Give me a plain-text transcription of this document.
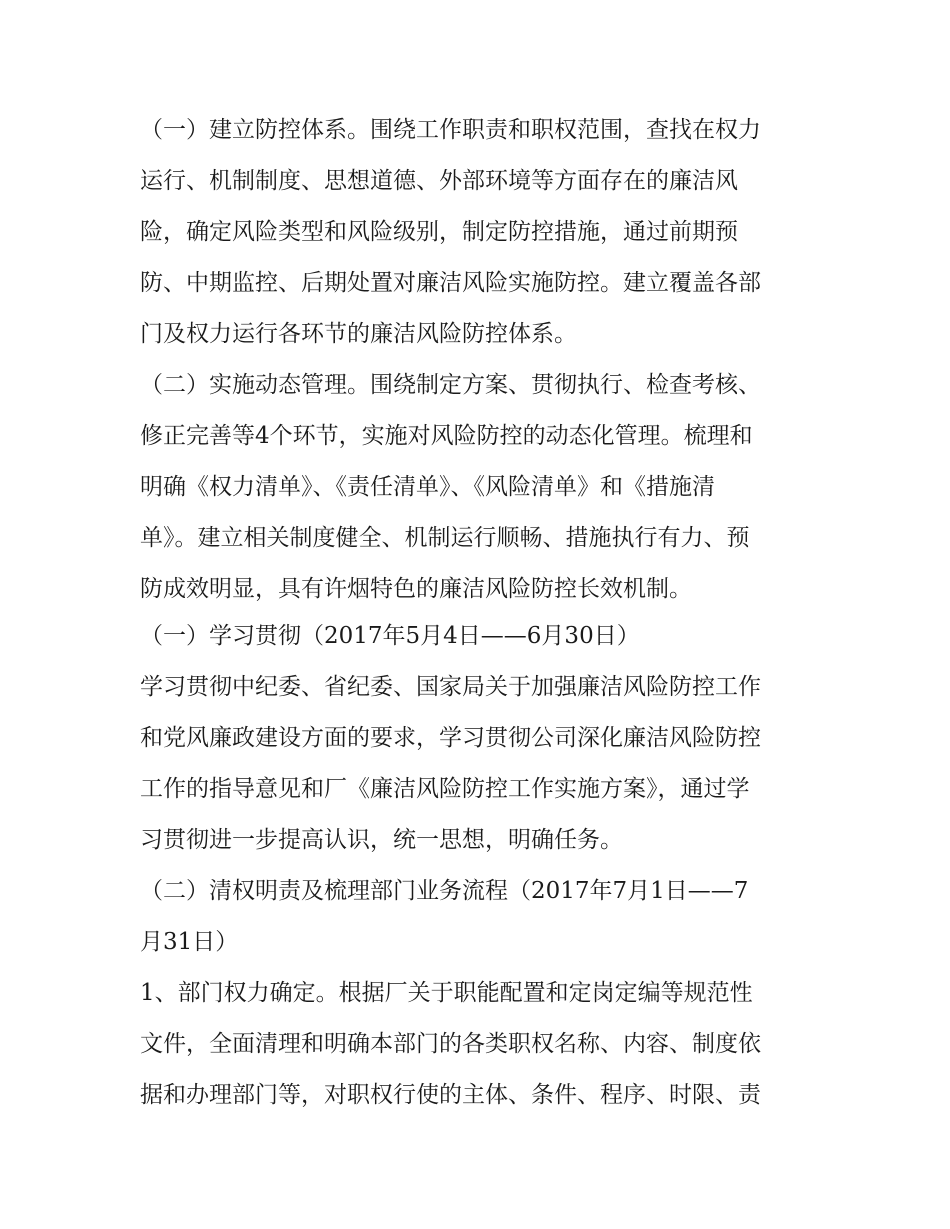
（一）建立防控体系。围绕工作职责和职权范围，查找在权力
运行、机制制度、思想道德、外部环境等方面存在的廉洁风
险，确定风险类型和风险级别，制定防控措施，通过前期预
防、中期监控、后期处置对廉洁风险实施防控。建立覆盖各部
门及权力运行各环节的廉洁风险防控体系。
（二）实施动态管理。围绕制定方案、贯彻执行、检查考核、
修正完善等4个环节，实施对风险防控的动态化管理。梳理和
明确《权力清单》、《责任清单》、《风险清单》和《措施清
单》。建立相关制度健全、机制运行顺畅、措施执行有力、预
防成效明显，具有许烟特色的廉洁风险防控长效机制。
（一）学习贯彻（2017年5月4日——6月30日）
学习贯彻中纪委、省纪委、国家局关于加强廉洁风险防控工作
和党风廉政建设方面的要求，学习贯彻公司深化廉洁风险防控
工作的指导意见和厂《廉洁风险防控工作实施方案》，通过学
习贯彻进一步提高认识，统一思想，明确任务。
（二）清权明责及梳理部门业务流程（2017年7月1日——7
月31日）
1、部门权力确定。根据厂关于职能配置和定岗定编等规范性
文件，全面清理和明确本部门的各类职权名称、内容、制度依
据和办理部门等，对职权行使的主体、条件、程序、时限、责
